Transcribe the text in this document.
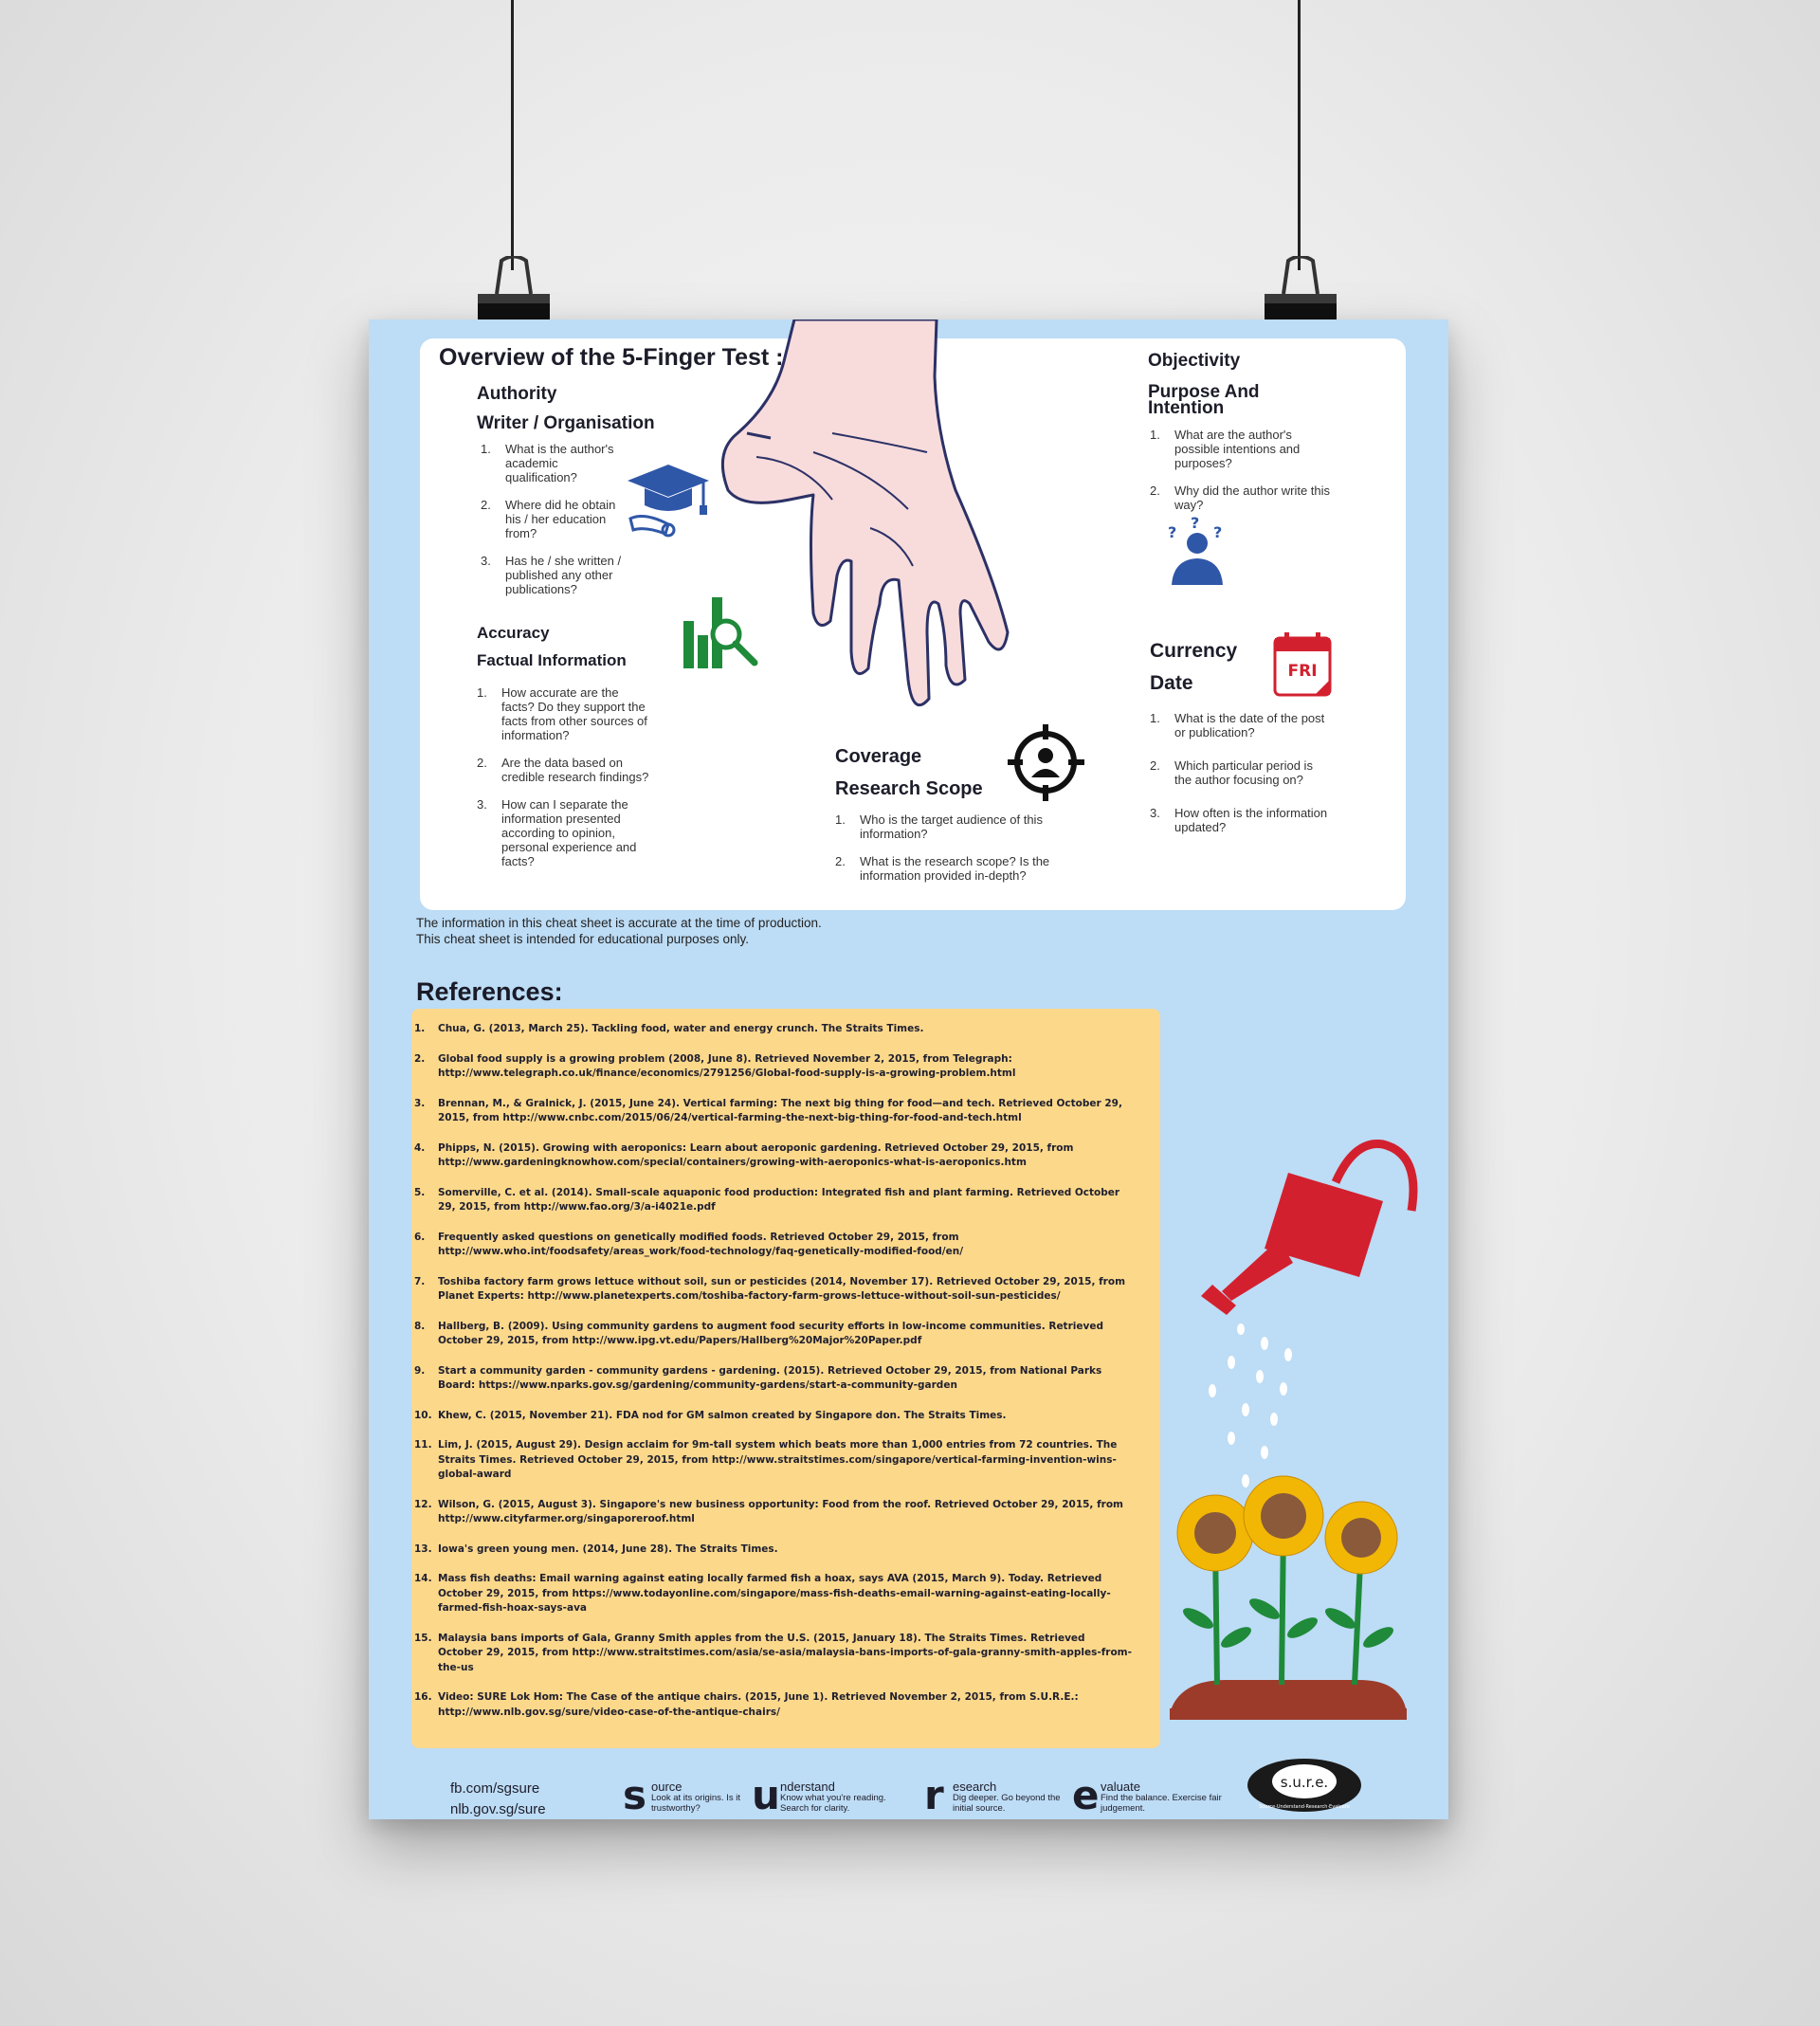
Overview of the 5-Finger Test :
Authority
Writer / Organisation
1. What is the author's academic qualification?
2. Where did he obtain his / her education from?
3. Has he / she written / published any other publications?
Accuracy
Factual Information
1. How accurate are the facts? Do they support the facts from other sources of information?
2. Are the data based on credible research findings?
3. How can I separate the information presented according to opinion, personal experience and facts?
Coverage
Research Scope
1. Who is the target audience of this information?
2. What is the research scope? Is the information provided in-depth?
Objectivity
Purpose And Intention
1. What are the author's possible intentions and purposes?
2. Why did the author write this way?
?
?
?
Currency
Date
FRI
1. What is the date of the post or publication?
2. Which particular period is the author focusing on?
3. How often is the information updated?
The information in this cheat sheet is accurate at the time of production.
This cheat sheet is intended for educational purposes only.
References:
1. Chua, G. (2013, March 25). Tackling food, water and energy crunch. The Straits Times.
2. Global food supply is a growing problem (2008, June 8). Retrieved November 2, 2015, from Telegraph: http://www.telegraph.co.uk/finance/economics/2791256/Global-food-supply-is-a-growing-problem.html
3. Brennan, M., & Gralnick, J. (2015, June 24). Vertical farming: The next big thing for food—and tech. Retrieved October 29, 2015, from http://www.cnbc.com/2015/06/24/vertical-farming-the-next-big-thing-for-food-and-tech.html
4. Phipps, N. (2015). Growing with aeroponics: Learn about aeroponic gardening. Retrieved October 29, 2015, from http://www.gardeningknowhow.com/special/containers/growing-with-aeroponics-what-is-aeroponics.htm
5. Somerville, C. et al. (2014). Small-scale aquaponic food production: Integrated fish and plant farming. Retrieved October 29, 2015, from http://www.fao.org/3/a-i4021e.pdf
6. Frequently asked questions on genetically modified foods. Retrieved October 29, 2015, from http://www.who.int/foodsafety/areas_work/food-technology/faq-genetically-modified-food/en/
7. Toshiba factory farm grows lettuce without soil, sun or pesticides (2014, November 17). Retrieved October 29, 2015, from Planet Experts: http://www.planetexperts.com/toshiba-factory-farm-grows-lettuce-without-soil-sun-pesticides/
8. Hallberg, B. (2009). Using community gardens to augment food security efforts in low-income communities. Retrieved October 29, 2015, from http://www.ipg.vt.edu/Papers/Hallberg%20Major%20Paper.pdf
9. Start a community garden - community gardens - gardening. (2015). Retrieved October 29, 2015, from National Parks Board: https://www.nparks.gov.sg/gardening/community-gardens/start-a-community-garden
10. Khew, C. (2015, November 21). FDA nod for GM salmon created by Singapore don. The Straits Times.
11. Lim, J. (2015, August 29). Design acclaim for 9m-tall system which beats more than 1,000 entries from 72 countries. The Straits Times. Retrieved October 29, 2015, from http://www.straitstimes.com/singapore/vertical-farming-invention-wins-global-award
12. Wilson, G. (2015, August 3). Singapore's new business opportunity: Food from the roof. Retrieved October 29, 2015, from http://www.cityfarmer.org/singaporeroof.html
13. Iowa's green young men. (2014, June 28). The Straits Times.
14. Mass fish deaths: Email warning against eating locally farmed fish a hoax, says AVA (2015, March 9). Today. Retrieved October 29, 2015, from https://www.todayonline.com/singapore/mass-fish-deaths-email-warning-against-eating-locally-farmed-fish-hoax-says-ava
15. Malaysia bans imports of Gala, Granny Smith apples from the U.S. (2015, January 18). The Straits Times. Retrieved October 29, 2015, from http://www.straitstimes.com/asia/se-asia/malaysia-bans-imports-of-gala-granny-smith-apples-from-the-us
16. Video: SURE Lok Hom: The Case of the antique chairs. (2015, June 1). Retrieved November 2, 2015, from S.U.R.E.: http://www.nlb.gov.sg/sure/video-case-of-the-antique-chairs/
fb.com/sgsure
nlb.gov.sg/sure s ource
Look at its origins. Is it trustworthy?	u nderstand
Know what you're reading. Search for clarity.	r esearch
Dig deeper. Go beyond the initial source.	e valuate
Find the balance. Exercise fair judgement.
s.u.r.e.
Source·Understand·Research·Evaluate
